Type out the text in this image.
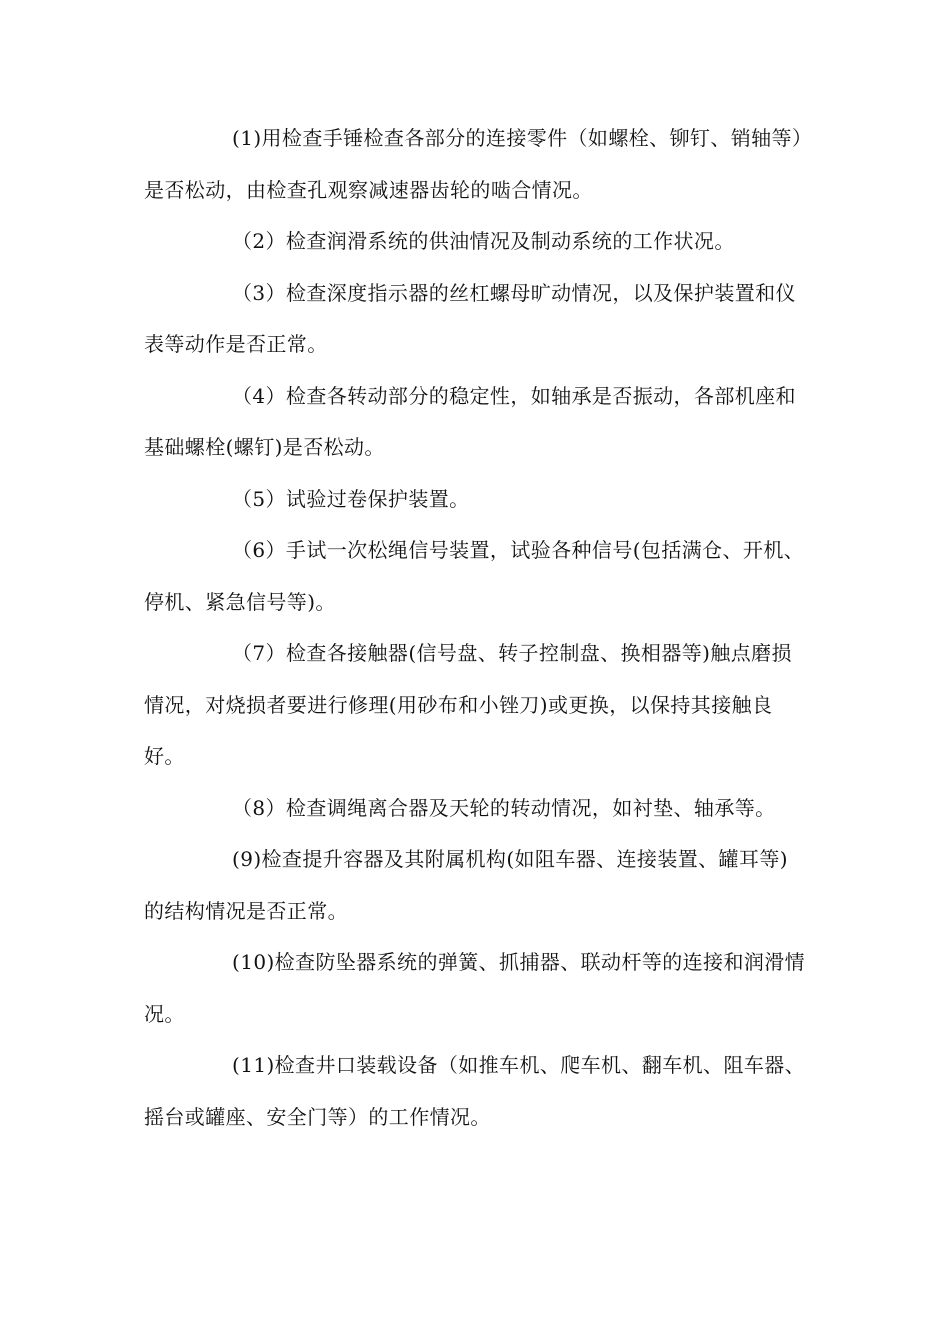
(1)用检查手锤检查各部分的连接零件（如螺栓、铆钉、销轴等）是否松动，由检查孔观察减速器齿轮的啮合情况。

（2）检查润滑系统的供油情况及制动系统的工作状况。

（3）检查深度指示器的丝杠螺母旷动情况，以及保护装置和仪表等动作是否正常。

（4）检查各转动部分的稳定性，如轴承是否振动，各部机座和基础螺栓(螺钉)是否松动。

（5）试验过卷保护装置。

（6）手试一次松绳信号装置，试验各种信号(包括满仓、开机、停机、紧急信号等)。

（7）检查各接触器(信号盘、转子控制盘、换相器等)触点磨损情况，对烧损者要进行修理(用砂布和小锉刀)或更换，以保持其接触良好。

（8）检查调绳离合器及天轮的转动情况，如衬垫、轴承等。

(9)检查提升容器及其附属机构(如阻车器、连接装置、罐耳等)的结构情况是否正常。

(10)检查防坠器系统的弹簧、抓捕器、联动杆等的连接和润滑情况。

(11)检查井口装载设备（如推车机、爬车机、翻车机、阻车器、摇台或罐座、安全门等）的工作情况。
